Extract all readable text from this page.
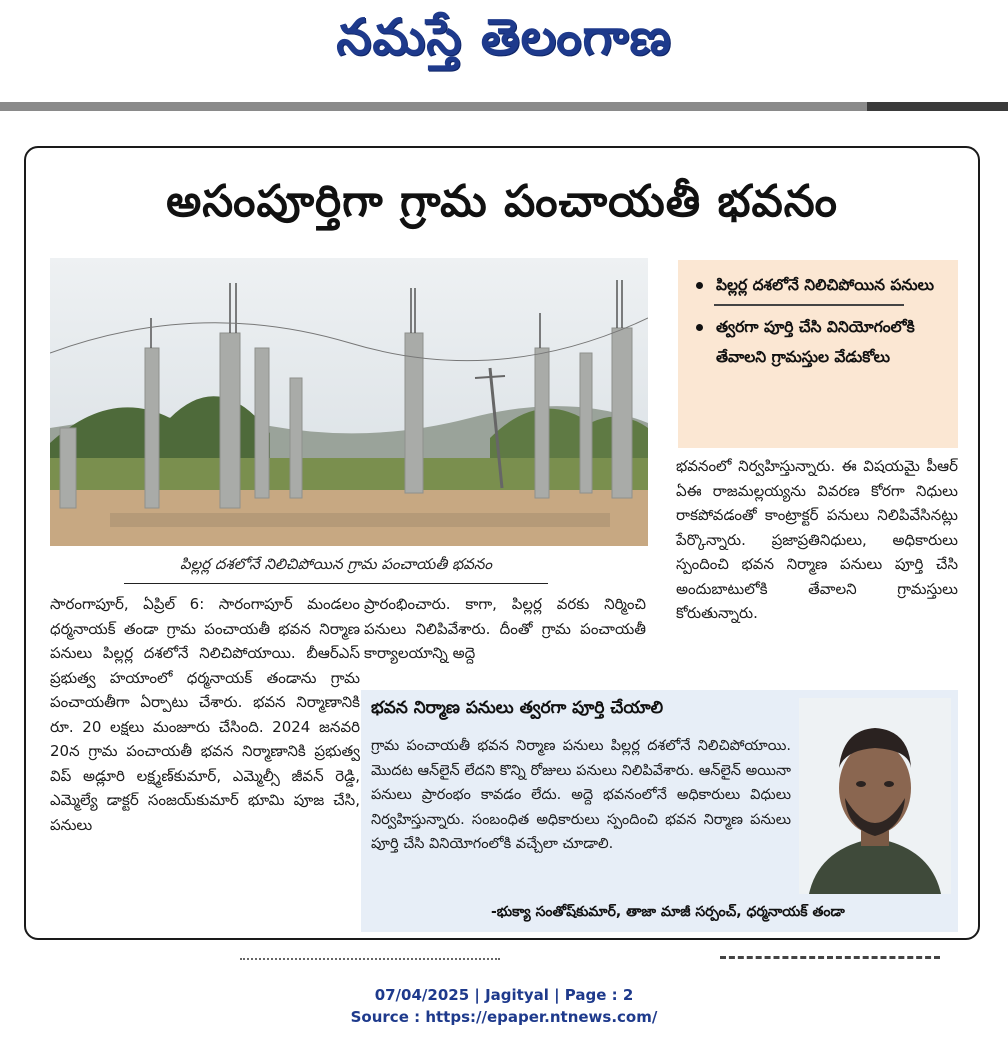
నమస్తే తెలంగాణ
అసంపూర్తిగా గ్రామ పంచాయతీ భవనం
పిల్లర్ల దశలోనే నిలిచిపోయిన గ్రామ పంచాయతీ భవనం
పిల్లర్ల దశలోనే నిలిచిపోయిన పనులు
త్వరగా పూర్తి చేసి వినియోగంలోకి తేవాలని గ్రామస్తుల వేడుకోలు
సారంగాపూర్, ఏప్రిల్ 6: సారంగాపూర్ మండలం ధర్మనాయక్ తండా గ్రామ పంచాయతీ భవన నిర్మాణ పనులు పిల్లర్ల దశలోనే నిలిచిపోయాయి. బీఆర్ఎస్ ప్రభుత్వ హయాంలో ధర్మనాయక్ తండాను గ్రామ పంచాయతీగా ఏర్పాటు చేశారు. భవన నిర్మాణానికి రూ. 20 లక్షలు మంజూరు చేసింది. 2024 జనవరి 20న గ్రామ పంచాయతీ భవన నిర్మాణానికి ప్రభుత్వ విప్ అడ్లూరి లక్ష్మణ్‌కుమార్, ఎమ్మెల్సీ జీవన్ రెడ్డి, ఎమ్మెల్యే డాక్టర్ సంజయ్‌కుమార్ భూమి పూజ చేసి, పనులు
ప్రారంభించారు. కాగా, పిల్లర్ల వరకు నిర్మించి పనులు నిలిపివేశారు. దీంతో గ్రామ పంచాయతీ కార్యాలయాన్ని అద్దె
భవనంలో నిర్వహిస్తున్నారు. ఈ విషయమై పీఆర్ ఏఈ రాజమల్లయ్యను వివరణ కోరగా నిధులు రాకపోవడంతో కాంట్రాక్టర్ పనులు నిలిపివేసినట్లు పేర్కొన్నారు. ప్రజాప్రతినిధులు, అధికారులు స్పందించి భవన నిర్మాణ పనులు పూర్తి చేసి అందుబాటులోకి తేవాలని గ్రామస్తులు కోరుతున్నారు.
భవన నిర్మాణ పనులు త్వరగా పూర్తి చేయాలి
గ్రామ పంచాయతీ భవన నిర్మాణ పనులు పిల్లర్ల దశలోనే నిలిచిపోయాయి. మొదట ఆన్‌లైన్ లేదని కొన్ని రోజులు పనులు నిలిపివేశారు. ఆన్‌లైన్ అయినా పనులు ప్రారంభం కావడం లేదు. అద్దె భవనంలోనే అధికారులు విధులు నిర్వహిస్తున్నారు. సంబంధిత అధికారులు స్పందించి భవన నిర్మాణ పనులు పూర్తి చేసి వినియోగంలోకి వచ్చేలా చూడాలి.
-భుక్యా సంతోష్‌కుమార్, తాజా మాజీ సర్పంచ్, ధర్మనాయక్ తండా
07/04/2025 | Jagityal | Page : 2
Source : https://epaper.ntnews.com/
